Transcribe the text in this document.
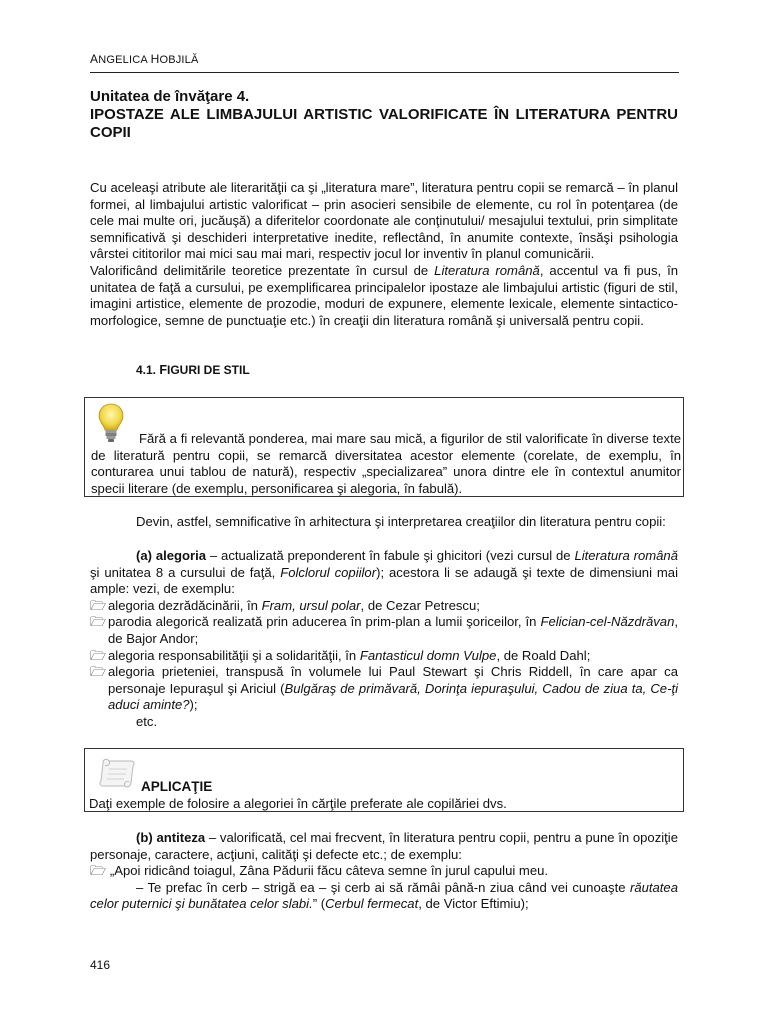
ANGELICA HOBJILĂ
Unitatea de învăţare 4.
IPOSTAZE ALE LIMBAJULUI ARTISTIC VALORIFICATE ÎN LITERATURA PENTRU COPII

Cu aceleaşi atribute ale literarităţii ca şi „literatura mare”, literatura pentru copii se remarcă – în planul formei, al limbajului artistic valorificat – prin asocieri sensibile de elemente, cu rol în potenţarea (de cele mai multe ori, jucăuşă) a diferitelor coordonate ale conţinutului/ mesajului textului, prin simplitate semnificativă şi deschideri interpretative inedite, reflectând, în anumite contexte, însăşi psihologia vârstei cititorilor mai mici sau mai mari, respectiv jocul lor inventiv în planul comunicării.

Valorificând delimitările teoretice prezentate în cursul de Literatura română, accentul va fi pus, în unitatea de faţă a cursului, pe exemplificarea principalelor ipostaze ale limbajului artistic (figuri de stil, imagini artistice, elemente de prozodie, moduri de expunere, elemente lexicale, elemente sintactico-morfologice, semne de punctuaţie etc.) în creaţii din literatura română şi universală pentru copii.

4.1. FIGURI DE STIL
Fără a fi relevantă ponderea, mai mare sau mică, a figurilor de stil valorificate în diverse texte de literatură pentru copii, se remarcă diversitatea acestor elemente (corelate, de exemplu, în conturarea unui tablou de natură), respectiv „specializarea” unora dintre ele în contextul anumitor specii literare (de exemplu, personificarea şi alegoria, în fabulă).

Devin, astfel, semnificative în arhitectura şi interpretarea creaţiilor din literatura pentru copii:

(a) alegoria – actualizată preponderent în fabule şi ghicitori (vezi cursul de Literatura română şi unitatea 8 a cursului de faţă, Folclorul copiilor); acestora li se adaugă şi texte de dimensiuni mai ample: vezi, de exemplu:

🗁 alegoria dezrădăcinării, în Fram, ursul polar, de Cezar Petrescu;
🗁 parodia alegorică realizată prin aducerea în prim-plan a lumii şoriceilor, în Felician-cel-Năzdrăvan, de Bajor Andor;
🗁 alegoria responsabilităţii şi a solidarităţii, în Fantasticul domn Vulpe, de Roald Dahl;
🗁 alegoria prieteniei, transpusă în volumele lui Paul Stewart şi Chris Riddell, în care apar ca personaje Iepuraşul şi Ariciul (Bulgăraş de primăvară, Dorinţa iepuraşului, Cadou de ziua ta, Ce-ţi aduci aminte?);

etc.

APLICAŢIE
Daţi exemple de folosire a alegoriei în cărţile preferate ale copilăriei dvs.

(b) antiteza – valorificată, cel mai frecvent, în literatura pentru copii, pentru a pune în opoziţie personaje, caractere, acţiuni, calităţi şi defecte etc.; de exemplu:

🗁 „Apoi ridicând toiagul, Zâna Pădurii făcu câteva semne în jurul capului meu.

– Te prefac în cerb – strigă ea – şi cerb ai să rămâi până-n ziua când vei cunoaşte răutatea celor puternici şi bunătatea celor slabi.” (Cerbul fermecat, de Victor Eftimiu);

416
